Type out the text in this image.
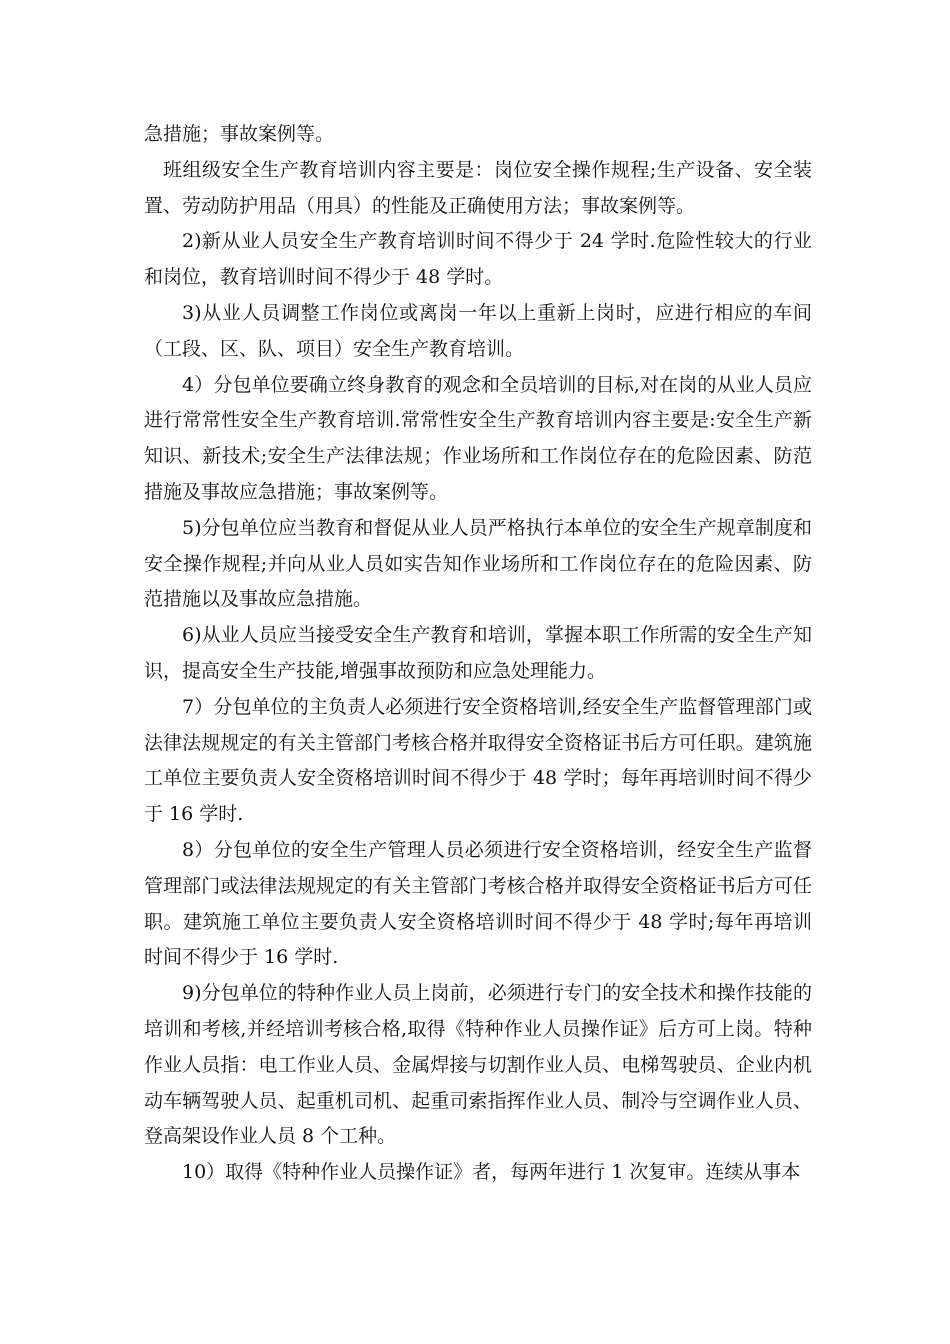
急措施；事故案例等。

班组级安全生产教育培训内容主要是：岗位安全操作规程;生产设备、安全装置、劳动防护用品（用具）的性能及正确使用方法；事故案例等。

2)新从业人员安全生产教育培训时间不得少于 24 学时.危险性较大的行业和岗位，教育培训时间不得少于 48 学时。

3)从业人员调整工作岗位或离岗一年以上重新上岗时，应进行相应的车间（工段、区、队、项目）安全生产教育培训。

4）分包单位要确立终身教育的观念和全员培训的目标,对在岗的从业人员应进行常常性安全生产教育培训.常常性安全生产教育培训内容主要是:安全生产新知识、新技术;安全生产法律法规；作业场所和工作岗位存在的危险因素、防范措施及事故应急措施；事故案例等。

5)分包单位应当教育和督促从业人员严格执行本单位的安全生产规章制度和安全操作规程;并向从业人员如实告知作业场所和工作岗位存在的危险因素、防范措施以及事故应急措施。

6)从业人员应当接受安全生产教育和培训，掌握本职工作所需的安全生产知识，提高安全生产技能,增强事故预防和应急处理能力。

7）分包单位的主负责人必须进行安全资格培训,经安全生产监督管理部门或法律法规规定的有关主管部门考核合格并取得安全资格证书后方可任职。建筑施工单位主要负责人安全资格培训时间不得少于 48 学时；每年再培训时间不得少于 16 学时.

8）分包单位的安全生产管理人员必须进行安全资格培训，经安全生产监督管理部门或法律法规规定的有关主管部门考核合格并取得安全资格证书后方可任职。建筑施工单位主要负责人安全资格培训时间不得少于 48 学时;每年再培训时间不得少于 16 学时.

9)分包单位的特种作业人员上岗前，必须进行专门的安全技术和操作技能的培训和考核,并经培训考核合格,取得《特种作业人员操作证》后方可上岗。特种作业人员指：电工作业人员、金属焊接与切割作业人员、电梯驾驶员、企业内机动车辆驾驶人员、起重机司机、起重司索指挥作业人员、制冷与空调作业人员、登高架设作业人员 8 个工种。

10）取得《特种作业人员操作证》者，每两年进行 1 次复审。连续从事本
